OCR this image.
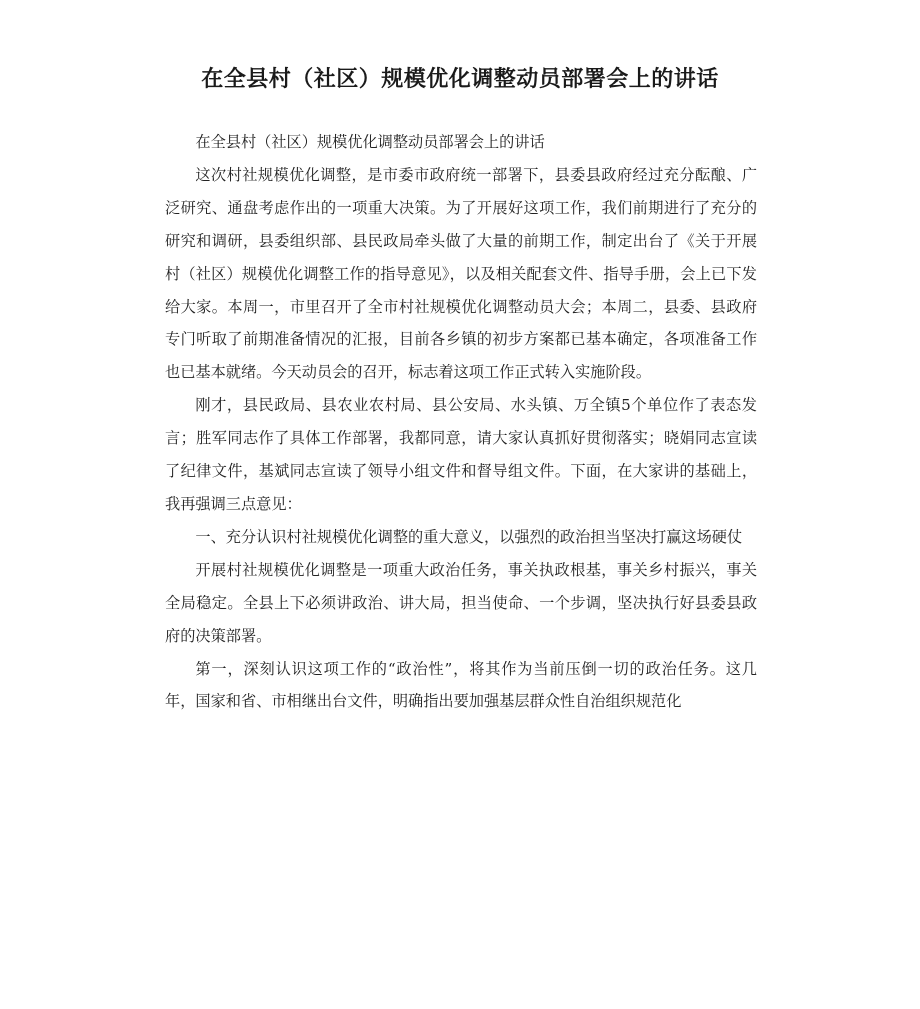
在全县村（社区）规模优化调整动员部署会上的讲话

在全县村（社区）规模优化调整动员部署会上的讲话

这次村社规模优化调整，是市委市政府统一部署下，县委县政府经过充分酝酿、广泛研究、通盘考虑作出的一项重大决策。为了开展好这项工作，我们前期进行了充分的研究和调研，县委组织部、县民政局牵头做了大量的前期工作，制定出台了《关于开展村（社区）规模优化调整工作的指导意见》，以及相关配套文件、指导手册，会上已下发给大家。本周一，市里召开了全市村社规模优化调整动员大会；本周二，县委、县政府专门听取了前期准备情况的汇报，目前各乡镇的初步方案都已基本确定，各项准备工作也已基本就绪。今天动员会的召开，标志着这项工作正式转入实施阶段。

刚才，县民政局、县农业农村局、县公安局、水头镇、万全镇5个单位作了表态发言；胜军同志作了具体工作部署，我都同意，请大家认真抓好贯彻落实；晓娟同志宣读了纪律文件，基斌同志宣读了领导小组文件和督导组文件。下面，在大家讲的基础上，我再强调三点意见：

一、充分认识村社规模优化调整的重大意义，以强烈的政治担当坚决打赢这场硬仗

开展村社规模优化调整是一项重大政治任务，事关执政根基，事关乡村振兴，事关全局稳定。全县上下必须讲政治、讲大局，担当使命、一个步调，坚决执行好县委县政府的决策部署。

第一，深刻认识这项工作的“政治性”，将其作为当前压倒一切的政治任务。这几年，国家和省、市相继出台文件，明确指出要加强基层群众性自治组织规范化
